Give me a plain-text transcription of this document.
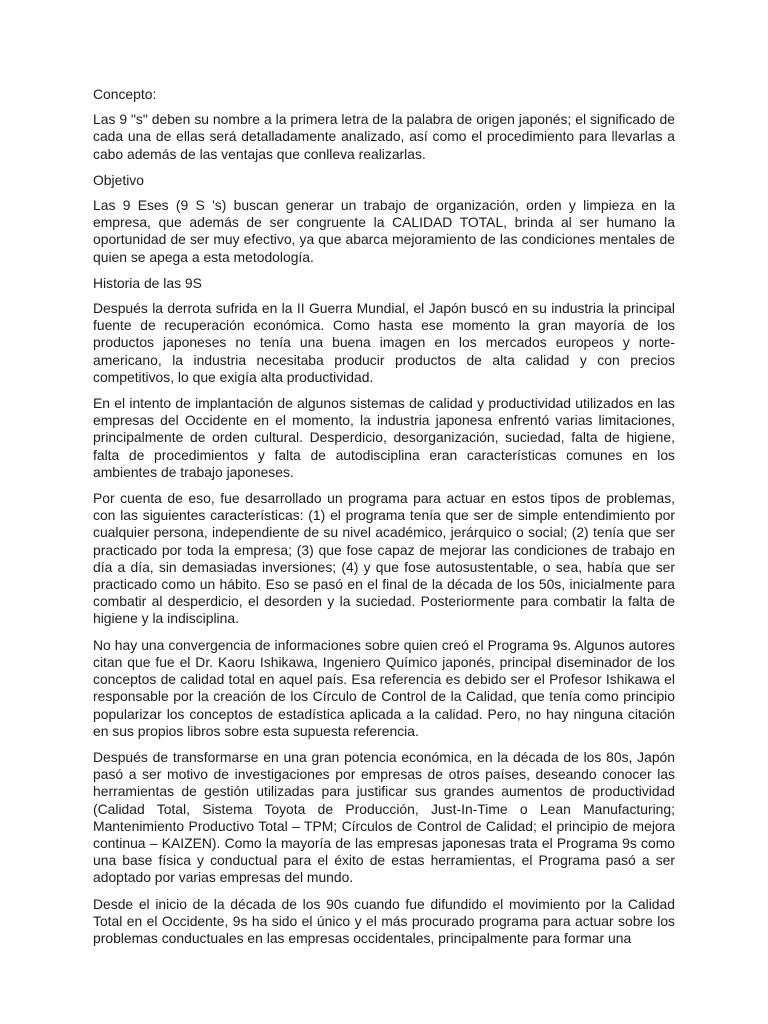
Concepto:

Las 9 "s" deben su nombre a la primera letra de la palabra de origen japonés; el significado de cada una de ellas será detalladamente analizado, así como el procedimiento para llevarlas a cabo además de las ventajas que conlleva realizarlas.

Objetivo

Las 9 Eses (9 S 's) buscan generar un trabajo de organización, orden y limpieza en la empresa, que además de ser congruente la CALIDAD TOTAL, brinda al ser humano la oportunidad de ser muy efectivo, ya que abarca mejoramiento de las condiciones mentales de quien se apega a esta metodología.

Historia de las 9S

Después la derrota sufrida en la II Guerra Mundial, el Japón buscó en su industria la principal fuente de recuperación económica. Como hasta ese momento la gran mayoría de los productos japoneses no tenía una buena imagen en los mercados europeos y norte-americano, la industria necesitaba producir productos de alta calidad y con precios competitivos, lo que exigía alta productividad.

En el intento de implantación de algunos sistemas de calidad y productividad utilizados en las empresas del Occidente en el momento, la industria japonesa enfrentó varias limitaciones, principalmente de orden cultural. Desperdicio, desorganización, suciedad, falta de higiene, falta de procedimientos y falta de autodisciplina eran características comunes en los ambientes de trabajo japoneses.

Por cuenta de eso, fue desarrollado un programa para actuar en estos tipos de problemas, con las siguientes características: (1) el programa tenía que ser de simple entendimiento por cualquier persona, independiente de su nivel académico, jerárquico o social; (2) tenía que ser practicado por toda la empresa; (3) que fose capaz de mejorar las condiciones de trabajo en día a día, sin demasiadas inversiones; (4) y que fose autosustentable, o sea, había que ser practicado como un hábito. Eso se pasó en el final de la década de los 50s, inicialmente para combatir al desperdicio, el desorden y la suciedad. Posteriormente para combatir la falta de higiene y la indisciplina.

No hay una convergencia de informaciones sobre quien creó el Programa 9s. Algunos autores citan que fue el Dr. Kaoru Ishikawa, Ingeniero Químico japonés, principal diseminador de los conceptos de calidad total en aquel país. Esa referencia es debido ser el Profesor Ishikawa el responsable por la creación de los Círculo de Control de la Calidad, que tenía como principio popularizar los conceptos de estadística aplicada a la calidad. Pero, no hay ninguna citación en sus propios libros sobre esta supuesta referencia.

Después de transformarse en una gran potencia económica, en la década de los 80s, Japón pasó a ser motivo de investigaciones por empresas de otros países, deseando conocer las herramientas de gestión utilizadas para justificar sus grandes aumentos de productividad (Calidad Total, Sistema Toyota de Producción, Just-In-Time o Lean Manufacturing; Mantenimiento Productivo Total – TPM; Círculos de Control de Calidad; el principio de mejora continua – KAIZEN). Como la mayoría de las empresas japonesas trata el Programa 9s como una base física y conductual para el éxito de estas herramientas, el Programa pasó a ser adoptado por varias empresas del mundo.

Desde el inicio de la década de los 90s cuando fue difundido el movimiento por la Calidad Total en el Occidente, 9s ha sido el único y el más procurado programa para actuar sobre los problemas conductuales en las empresas occidentales, principalmente para formar una
